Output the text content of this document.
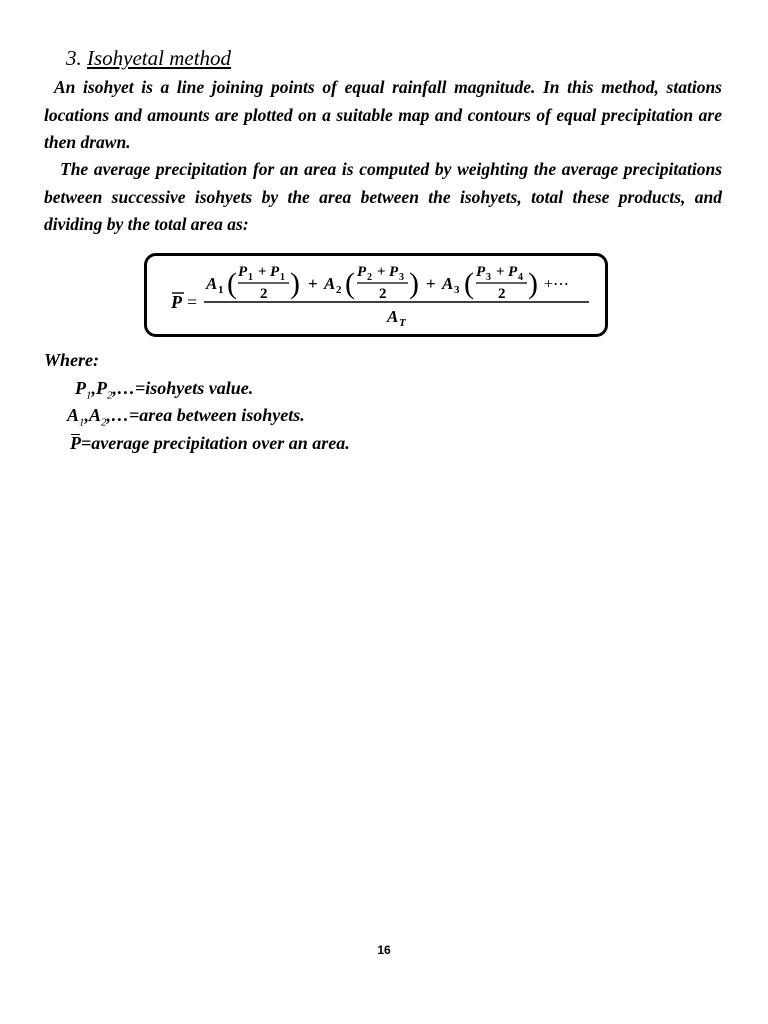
3. Isohyetal method

An isohyet is a line joining points of equal rainfall magnitude. In this method, stations locations and amounts are plotted on a suitable map and contours of equal precipitation are then drawn.

The average precipitation for an area is computed by weighting the average precipitations between successive isohyets by the area between the isohyets, total these products, and dividing by the total area as:

P =
A 1 ( P 1 + P 1
2 ) + A 2 ( P 2 + P 3
2 ) + A 3 ( P 3 + P 4
2 ) +⋯
A T
Where:
$P_1,P_2,\dots=isohyets$ value.
$A_1,A_2,\dots=area$ between isohyets.
P=average precipitation over an area.
16
